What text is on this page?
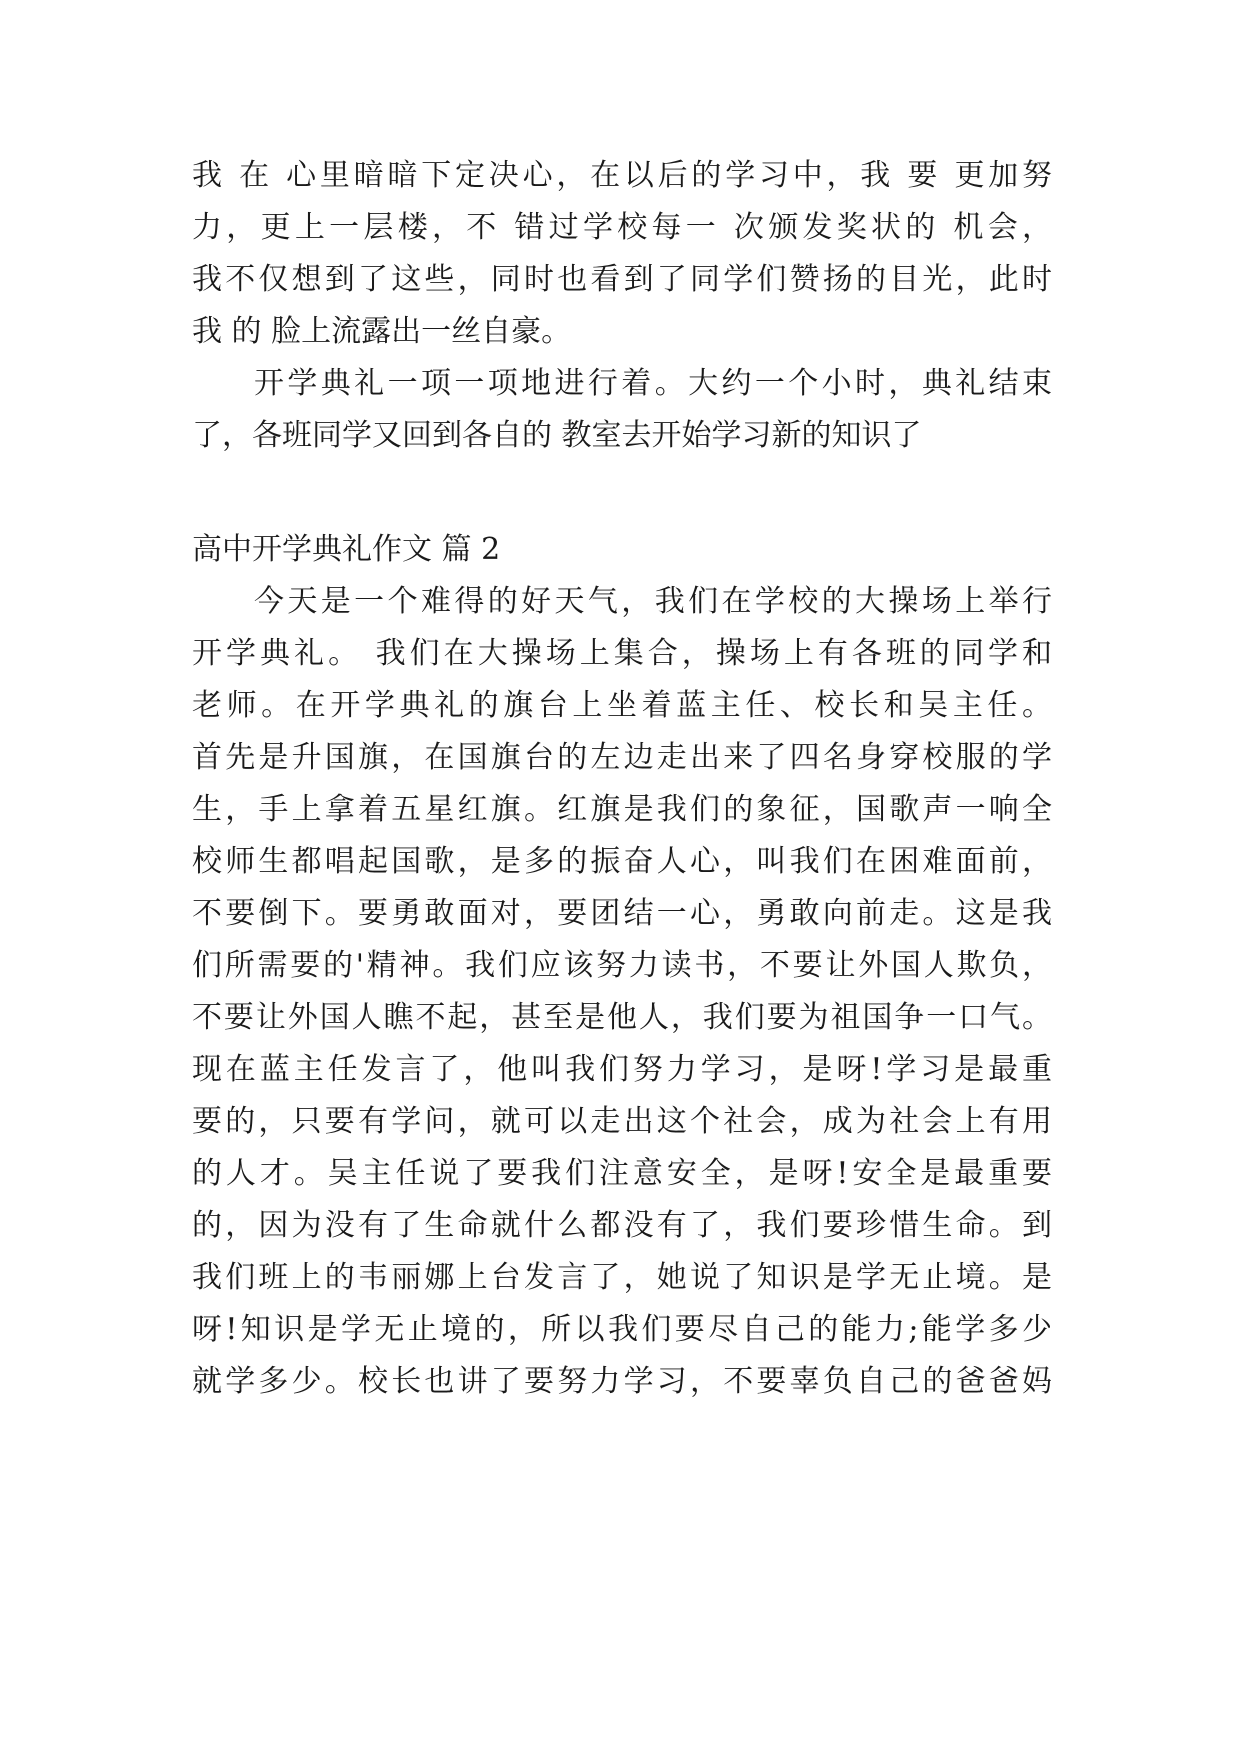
我 在 心里暗暗下定决心，在以后的学习中，我 要 更加努

力，更上一层楼，不 错过学校每一 次颁发奖状的 机会，

我不仅想到了这些，同时也看到了同学们赞扬的目光，此时

我 的 脸上流露出一丝自豪。

开学典礼一项一项地进行着。大约一个小时，典礼结束

了，各班同学又回到各自的 教室去开始学习新的知识了

高中开学典礼作文 篇 2

今天是一个难得的好天气，我们在学校的大操场上举行

开学典礼。 我们在大操场上集合，操场上有各班的同学和

老师。在开学典礼的旗台上坐着蓝主任、校长和吴主任。

首先是升国旗，在国旗台的左边走出来了四名身穿校服的学

生，手上拿着五星红旗。红旗是我们的象征，国歌声一响全

校师生都唱起国歌，是多的振奋人心，叫我们在困难面前，

不要倒下。要勇敢面对，要团结一心，勇敢向前走。这是我

们所需要的'精神。我们应该努力读书，不要让外国人欺负，

不要让外国人瞧不起，甚至是他人，我们要为祖国争一口气。

现在蓝主任发言了，他叫我们努力学习，是呀!学习是最重

要的，只要有学问，就可以走出这个社会，成为社会上有用

的人才。吴主任说了要我们注意安全，是呀!安全是最重要

的，因为没有了生命就什么都没有了，我们要珍惜生命。到

我们班上的韦丽娜上台发言了，她说了知识是学无止境。是

呀!知识是学无止境的，所以我们要尽自己的能力;能学多少

就学多少。校长也讲了要努力学习，不要辜负自己的爸爸妈
